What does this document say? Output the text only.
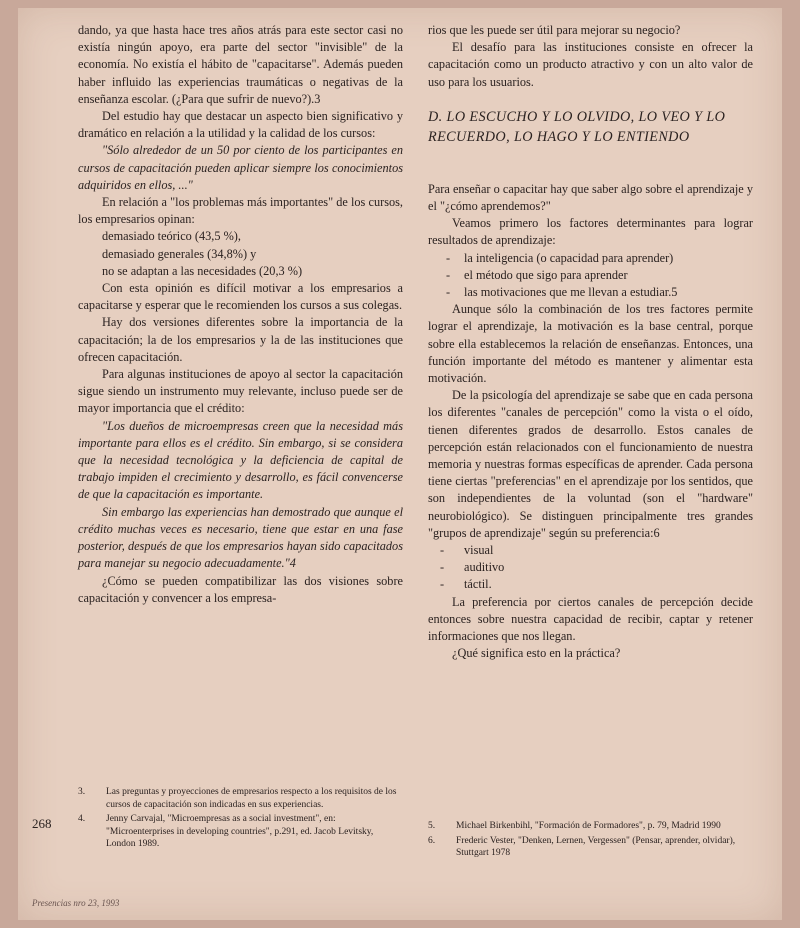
dando, ya que hasta hace tres años atrás para este sector casi no existía ningún apoyo, era parte del sector "invisible" de la economía. No existía el hábito de "capacitarse". Además pueden haber influido las experiencias traumáticas o negativas de la enseñanza escolar. (¿Para que sufrir de nuevo?).3

Del estudio hay que destacar un aspecto bien significativo y dramático en relación a la utilidad y la calidad de los cursos:

"Sólo alrededor de un 50 por ciento de los participantes en cursos de capacitación pueden aplicar siempre los conocimientos adquiridos en ellos, ..."

En relación a "los problemas más importantes" de los cursos, los empresarios opinan:

demasiado teórico (43,5 %),
demasiado generales (34,8%) y
no se adaptan a las necesidades (20,3 %)

Con esta opinión es difícil motivar a los empresarios a capacitarse y esperar que le recomienden los cursos a sus colegas.

Hay dos versiones diferentes sobre la importancia de la capacitación; la de los empresarios y la de las instituciones que ofrecen capacitación.

Para algunas instituciones de apoyo al sector la capacitación sigue siendo un instrumento muy relevante, incluso puede ser de mayor importancia que el crédito:

"Los dueños de microempresas creen que la necesidad más importante para ellos es el crédito. Sin embargo, si se considera que la necesidad tecnológica y la deficiencia de capital de trabajo impiden el crecimiento y desarrollo, es fácil convencerse de que la capacitación es importante.

Sin embargo las experiencias han demostrado que aunque el crédito muchas veces es necesario, tiene que estar en una fase posterior, después de que los empresarios hayan sido capacitados para manejar su negocio adecuadamente."4

¿Cómo se pueden compatibilizar las dos visiones sobre capacitación y convencer a los empresa-

3.	Las preguntas y proyecciones de empresarios respecto a los requisitos de los cursos de capacitación son indicadas en sus experiencias.
4.	Jenny Carvajal, "Microempresas as a social investment", en: "Microenterprises in developing countries", p.291, ed. Jacob Levitsky, London 1989.
268
Presencias nro 23, 1993

rios que les puede ser útil para mejorar su negocio?

El desafío para las instituciones consiste en ofrecer la capacitación como un producto atractivo y con un alto valor de uso para los usuarios.

D. LO ESCUCHO Y LO OLVIDO, LO VEO Y LO RECUERDO, LO HAGO Y LO ENTIENDO

Para enseñar o capacitar hay que saber algo sobre el aprendizaje y el "¿cómo aprendemos?"

Veamos primero los factores determinantes para lograr resultados de aprendizaje:

- la inteligencia (o capacidad para aprender)
- el método que sigo para aprender
- las motivaciones que me llevan a estudiar.5

Aunque sólo la combinación de los tres factores permite lograr el aprendizaje, la motivación es la base central, porque sobre ella establecemos la relación de enseñanzas. Entonces, una función importante del método es mantener y alimentar esta motivación.

De la psicología del aprendizaje se sabe que en cada persona los diferentes "canales de percepción" como la vista o el oído, tienen diferentes grados de desarrollo. Estos canales de percepción están relacionados con el funcionamiento de nuestra memoria y nuestras formas específicas de aprender. Cada persona tiene ciertas "preferencias" en el aprendizaje por los sentidos, que son independientes de la voluntad (son el "hardware" neurobiológico). Se distinguen principalmente tres grandes "grupos de aprendizaje" según su preferencia:6

- visual
- auditivo
- táctil.

La preferencia por ciertos canales de percepción decide entonces sobre nuestra capacidad de recibir, captar y retener informaciones que nos llegan.

¿Qué significa esto en la práctica?

5.	Michael Birkenbihl, "Formación de Formadores", p. 79, Madrid 1990
6.	Frederic Vester, "Denken, Lernen, Vergessen" (Pensar, aprender, olvidar), Stuttgart 1978
